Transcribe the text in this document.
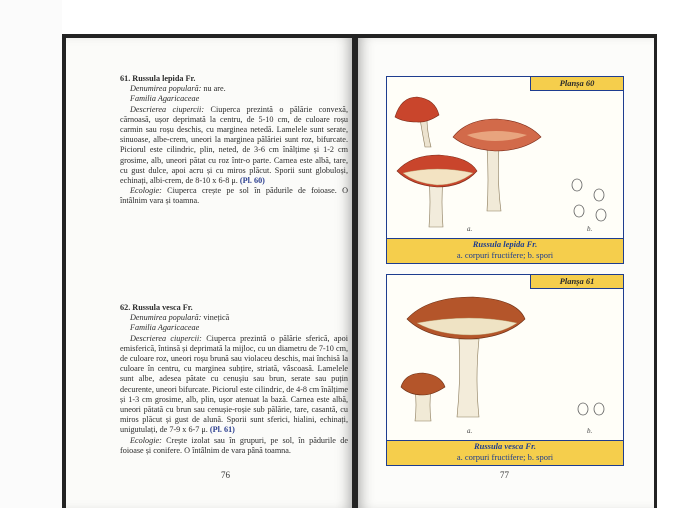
61. Russula lepida Fr.

Denumirea populară: nu are.

Familia Agaricaceae

Descrierea ciupercii: Ciuperca prezintă o pălărie convexă, cărnoasă, ușor deprimată la centru, de 5-10 cm, de culoare roșu carmin sau roșu deschis, cu marginea netedă. Lamelele sunt serate, sinuoase, albe-crem, uneori la marginea pălăriei sunt roz, bifurcate. Piciorul este cilindric, plin, neted, de 3-6 cm înălțime și 1-2 cm grosime, alb, uneori pătat cu roz într-o parte. Carnea este albă, tare, cu gust dulce, apoi acru și cu miros plăcut. Sporii sunt globuloși, echinați, albi-crem, de 8-10 x 6-8 μ. (Pl. 60)

Ecologie: Ciuperca crește pe sol în pădurile de foioase. O întâlnim vara și toamna.

62. Russula vesca Fr.

Denumirea populară: vinețică

Familia Agaricaceae

Descrierea ciupercii: Ciuperca prezintă o pălărie sferică, apoi emisferică, întinsă și deprimată la mijloc, cu un diametru de 7-10 cm, de culoare roz, uneori roșu brună sau violaceu deschis, mai închisă la culoare în centru, cu marginea subțire, striată, vâscoasă. Lamelele sunt albe, adesea pătate cu cenușiu sau brun, serate sau puțin decurente, uneori bifurcate. Piciorul este cilindric, de 4-8 cm înălțime și 1-3 cm grosime, alb, plin, ușor atenuat la bază. Carnea este albă, uneori pătată cu brun sau cenușie-roșie sub pălărie, tare, casantă, cu miros plăcut și gust de alună. Sporii sunt sferici, hialini, echinați, unigutulați, de 7-9 x 6-7 μ. (Pl. 61)

Ecologie: Crește izolat sau în grupuri, pe sol, în pădurile de foioase și conifere. O întâlnim de vara până toamna.

76
Planșa 60
a.	b.
Russula lepida Fr.
a. corpuri fructifere; b. spori
Planșa 61
a.	b.
Russula vesca Fr.
a. corpuri fructifere; b. spori
77
